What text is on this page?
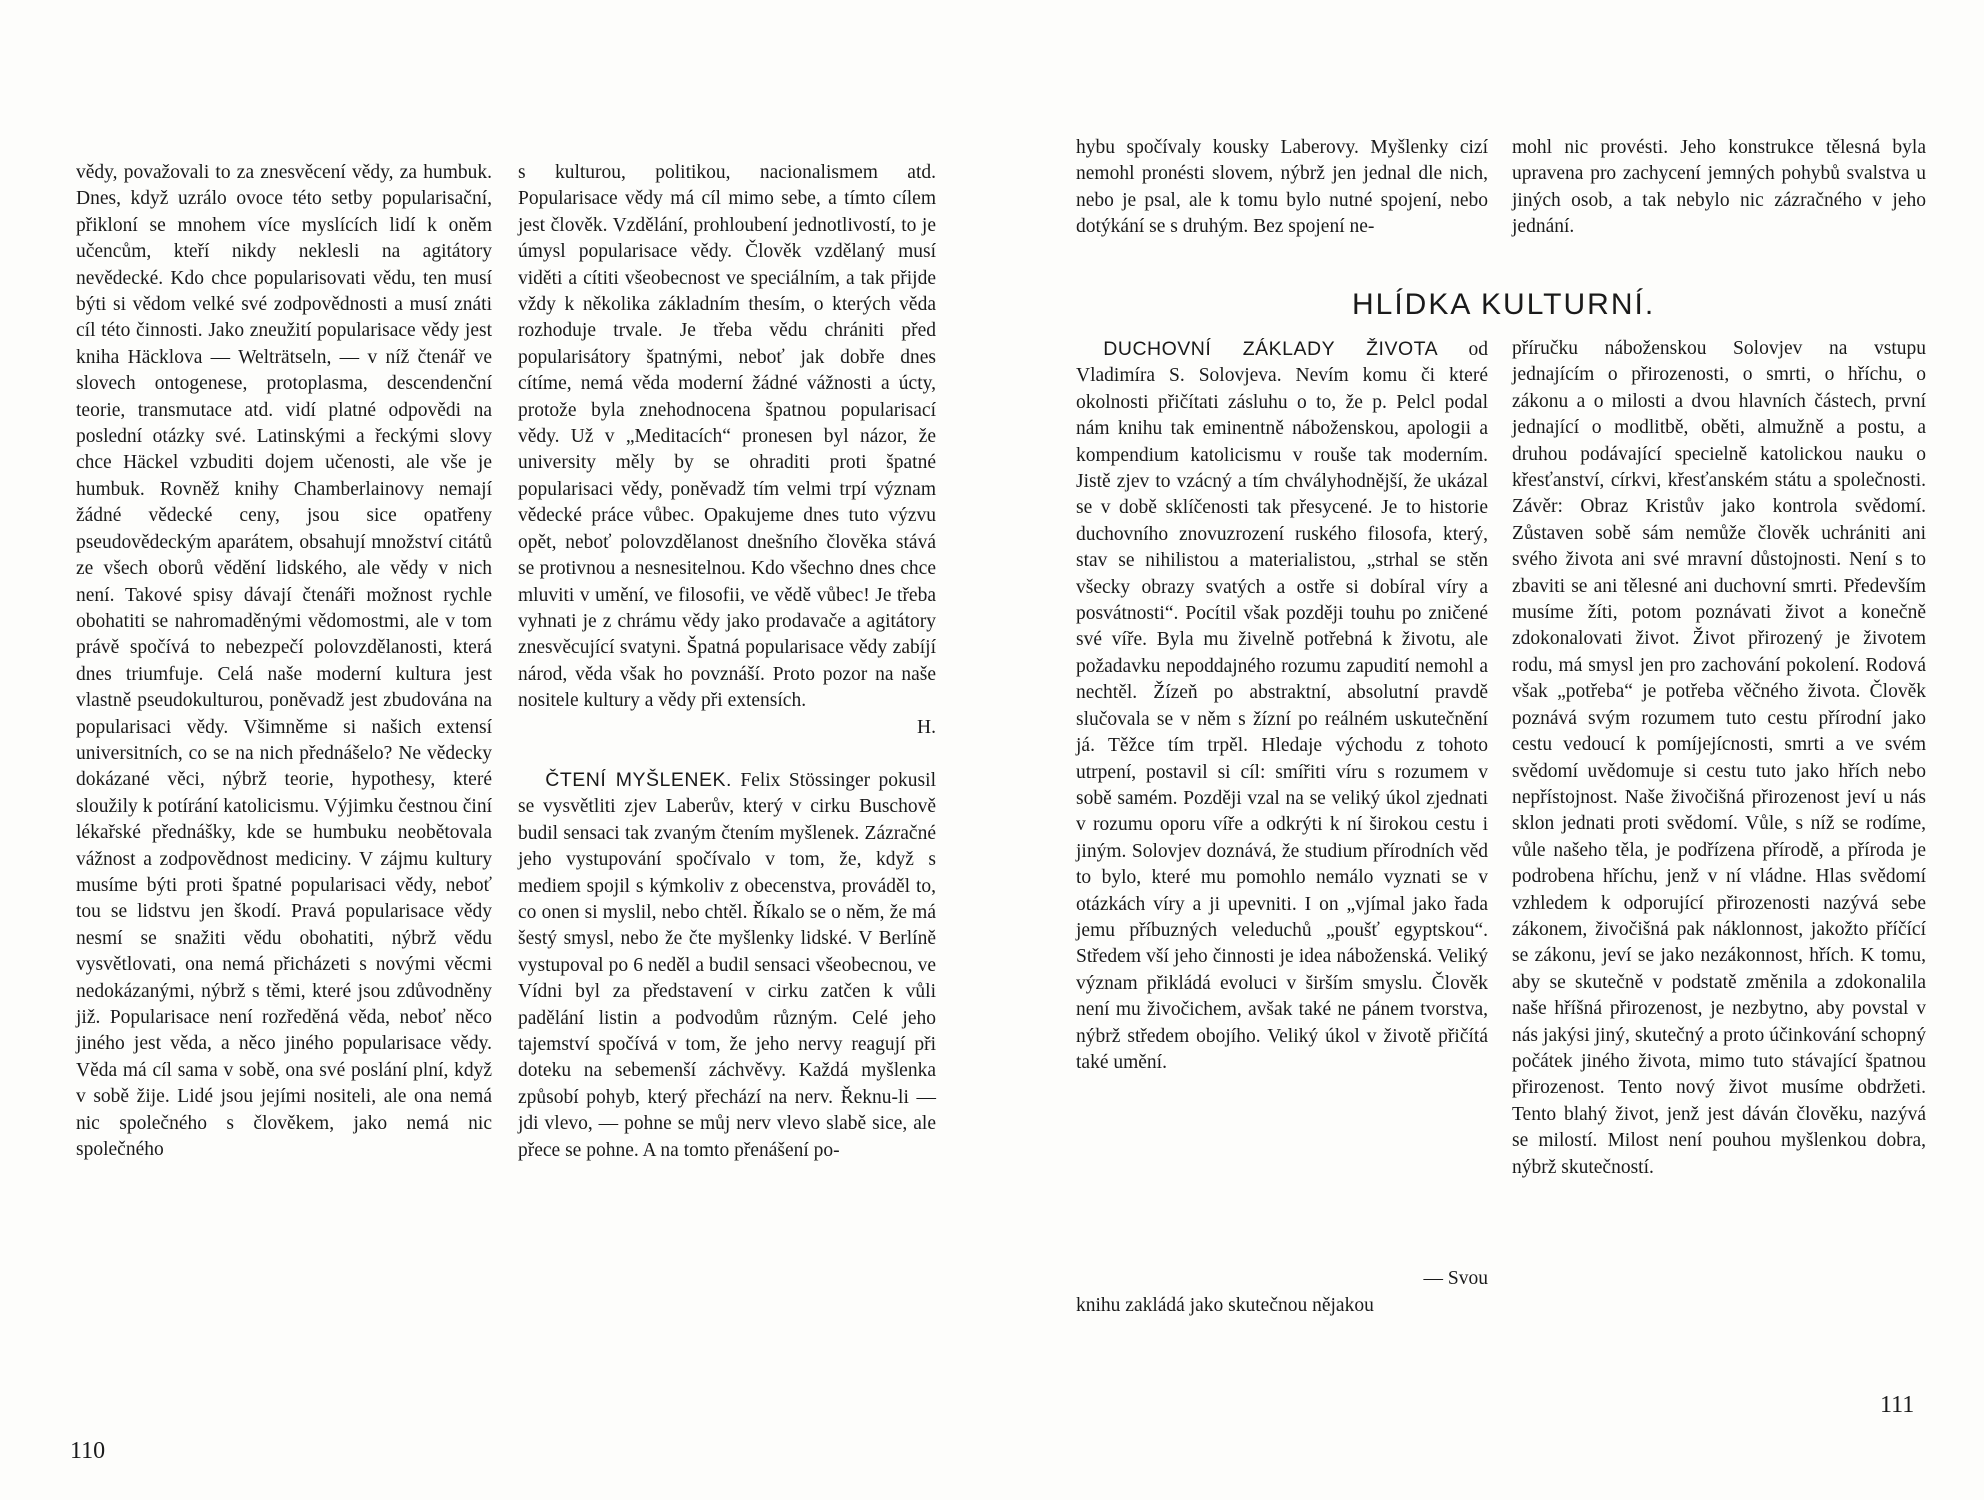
vědy, považovali to za znesvěcení vědy, za humbuk. Dnes, když uzrálo ovoce této setby popularisační, přikloní se mnohem více myslících lidí k oněm učencům, kteří nikdy neklesli na agitátory nevědecké. Kdo chce popularisovati vědu, ten musí býti si vědom velké své zodpovědnosti a musí znáti cíl této činnosti. Jako zneužití popularisace vědy jest kniha Häcklova — Welträtseln, — v níž čtenář ve slovech ontogenese, protoplasma, descendenční teorie, transmutace atd. vidí platné odpovědi na poslední otázky své. Latinskými a řeckými slovy chce Häckel vzbuditi dojem učenosti, ale vše je humbuk. Rovněž knihy Chamberlainovy nemají žádné vědecké ceny, jsou sice opatřeny pseudovědeckým aparátem, obsahují množství citátů ze všech oborů vědění lidského, ale vědy v nich není. Takové spisy dávají čtenáři možnost rychle obohatiti se nahromaděnými vědomostmi, ale v tom právě spočívá to nebezpečí polovzdělanosti, která dnes triumfuje. Celá naše moderní kultura jest vlastně pseudokulturou, poněvadž jest zbudována na popularisaci vědy. Všimněme si našich extensí universitních, co se na nich přednášelo? Ne vědecky dokázané věci, nýbrž teorie, hypothesy, které sloužily k potírání katolicismu. Výjimku čestnou činí lékařské přednášky, kde se humbuku neobětovala vážnost a zodpovědnost mediciny. V zájmu kultury musíme býti proti špatné popularisaci vědy, neboť tou se lidstvu jen škodí. Pravá popularisace vědy nesmí se snažiti vědu obohatiti, nýbrž vědu vysvětlovati, ona nemá přicházeti s novými věcmi nedokázanými, nýbrž s těmi, které jsou zdůvodněny již. Popularisace není rozředěná věda, neboť něco jiného jest věda, a něco jiného popularisace vědy. Věda má cíl sama v sobě, ona své poslání plní, když v sobě žije. Lidé jsou jejími nositeli, ale ona nemá nic společného s člověkem, jako nemá nic společného

s kulturou, politikou, nacionalismem atd. Popularisace vědy má cíl mimo sebe, a tímto cílem jest člověk. Vzdělání, prohloubení jednotlivostí, to je úmysl popularisace vědy. Člověk vzdělaný musí viděti a cítiti všeobecnost ve speciálním, a tak přijde vždy k několika základním thesím, o kterých věda rozhoduje trvale. Je třeba vědu chrániti před popularisátory špatnými, neboť jak dobře dnes cítíme, nemá věda moderní žádné vážnosti a úcty, protože byla znehodnocena špatnou popularisací vědy. Už v „Meditacích“ pronesen byl názor, že university měly by se ohraditi proti špatné popularisaci vědy, poněvadž tím velmi trpí význam vědecké práce vůbec. Opakujeme dnes tuto výzvu opět, neboť polovzdělanost dnešního člověka stává se protivnou a nesnesitelnou. Kdo všechno dnes chce mluviti v umění, ve filosofii, ve vědě vůbec! Je třeba vyhnati je z chrámu vědy jako prodavače a agitátory znesvěcující svatyni. Špatná popularisace vědy zabíjí národ, věda však ho povznáší. Proto pozor na naše nositele kultury a vědy při extensích.

H.

ČTENÍ MYŠLENEK. Felix Stössinger pokusil se vysvětliti zjev Laberův, který v cirku Buschově budil sensaci tak zvaným čtením myšlenek. Zázračné jeho vystupování spočívalo v tom, že, když s mediem spojil s kýmkoliv z obecenstva, prováděl to, co onen si myslil, nebo chtěl. Říkalo se o něm, že má šestý smysl, nebo že čte myšlenky lidské. V Berlíně vystupoval po 6 neděl a budil sensaci všeobecnou, ve Vídni byl za představení v cirku zatčen k vůli padělání listin a podvodům různým. Celé jeho tajemství spočívá v tom, že jeho nervy reagují při doteku na sebemenší záchvěvy. Každá myšlenka způsobí pohyb, který přechází na nerv. Řeknu-li — jdi vlevo, — pohne se můj nerv vlevo slabě sice, ale přece se pohne. A na tomto přenášení po-

110

hybu spočívaly kousky Laberovy. Myšlenky cizí nemohl pronésti slovem, nýbrž jen jednal dle nich, nebo je psal, ale k tomu bylo nutné spojení, nebo dotýkání se s druhým. Bez spojení ne-

mohl nic provésti. Jeho konstrukce tělesná byla upravena pro zachycení jemných pohybů svalstva u jiných osob, a tak nebylo nic zázračného v jeho jednání.

HLÍDKA KULTURNÍ.

DUCHOVNÍ ZÁKLADY ŽIVOTA od Vladimíra S. Solovjeva. Nevím komu či které okolnosti přičítati zásluhu o to, že p. Pelcl podal nám knihu tak eminentně náboženskou, apologii a kompendium katolicismu v rouše tak moderním. Jistě zjev to vzácný a tím chvályhodnější, že ukázal se v době sklíčenosti tak přesycené. Je to historie duchovního znovuzrození ruského filosofa, který, stav se nihilistou a materialistou, „strhal se stěn všecky obrazy svatých a ostře si dobíral víry a posvátnosti“. Pocítil však později touhu po zničené své víře. Byla mu živelně potřebná k životu, ale požadavku nepoddajného rozumu zapudití nemohl a nechtěl. Žízeň po abstraktní, absolutní pravdě slučovala se v něm s žízní po reálném uskutečnění já. Těžce tím trpěl. Hledaje východu z tohoto utrpení, postavil si cíl: smířiti víru s rozumem v sobě samém. Později vzal na se veliký úkol zjednati v rozumu oporu víře a odkrýti k ní širokou cestu i jiným. Solovjev doznává, že studium přírodních věd to bylo, které mu pomohlo nemálo vyznati se v otázkách víry a ji upevniti. I on „vjímal jako řada jemu příbuzných veleduchů „poušť egyptskou“. Středem vší jeho činnosti je idea náboženská. Veliký význam přikládá evoluci v širším smyslu. Člověk není mu živočichem, avšak také ne pánem tvorstva, nýbrž středem obojího. Veliký úkol v životě přičítá také umění.

— Svou

knihu zakládá jako skutečnou nějakou

příručku náboženskou Solovjev na vstupu jednajícím o přirozenosti, o smrti, o hříchu, o zákonu a o milosti a dvou hlavních částech, první jednající o modlitbě, oběti, almužně a postu, a druhou podávající specielně katolickou nauku o křesťanství, církvi, křesťanském státu a společnosti. Závěr: Obraz Kristův jako kontrola svědomí. Zůstaven sobě sám nemůže člověk uchrániti ani svého života ani své mravní důstojnosti. Není s to zbaviti se ani tělesné ani duchovní smrti. Především musíme žíti, potom poznávati život a konečně zdokonalovati život. Život přirozený je životem rodu, má smysl jen pro zachování pokolení. Rodová však „potřeba“ je potřeba věčného života. Člověk poznává svým rozumem tuto cestu přírodní jako cestu vedoucí k pomíjejícnosti, smrti a ve svém svědomí uvědomuje si cestu tuto jako hřích nebo nepřístojnost. Naše živočišná přirozenost jeví u nás sklon jednati proti svědomí. Vůle, s níž se rodíme, vůle našeho těla, je podřízena přírodě, a příroda je podrobena hříchu, jenž v ní vládne. Hlas svědomí vzhledem k odporující přirozenosti nazývá sebe zákonem, živočišná pak náklonnost, jakožto příčící se zákonu, jeví se jako nezákonnost, hřích. K tomu, aby se skutečně v podstatě změnila a zdokonalila naše hříšná přirozenost, je nezbytno, aby povstal v nás jakýsi jiný, skutečný a proto účinkování schopný počátek jiného života, mimo tuto stávající špatnou přirozenost. Tento nový život musíme obdržeti. Tento blahý život, jenž jest dáván člověku, nazývá se milostí. Milost není pouhou myšlenkou dobra, nýbrž skutečností.

111
